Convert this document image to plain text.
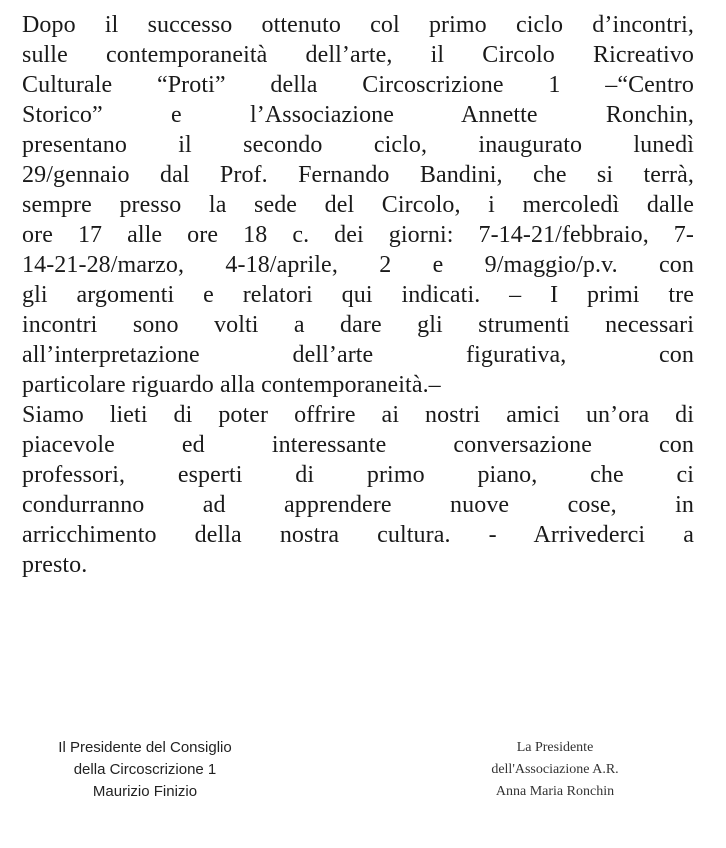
Dopo il successo ottenuto col primo ciclo d’incontri,
sulle contemporaneità dell’arte, il Circolo Ricreativo
Culturale “Proti” della Circoscrizione 1 –“Centro
Storico” e l’Associazione Annette Ronchin,
presentano il secondo ciclo, inaugurato lunedì
29/gennaio dal Prof. Fernando Bandini, che si terrà,
sempre presso la sede del Circolo, i mercoledì dalle
ore 17 alle ore 18 c. dei giorni: 7-14-21/febbraio, 7-
14-21-28/marzo, 4-18/aprile, 2 e 9/maggio/p.v. con
gli argomenti e relatori qui indicati. – I primi tre
incontri sono volti a dare gli strumenti necessari
all’interpretazione dell’arte figurativa, con
particolare riguardo alla contemporaneità.–
Siamo lieti di poter offrire ai nostri amici un’ora di
piacevole ed interessante conversazione con
professori, esperti di primo piano, che ci
condurranno ad apprendere nuove cose, in
arricchimento della nostra cultura. - Arrivederci a
presto.
Il Presidente del Consiglio
della Circoscrizione 1
Maurizio Finizio
La Presidente
dell'Associazione A.R.
Anna Maria Ronchin
